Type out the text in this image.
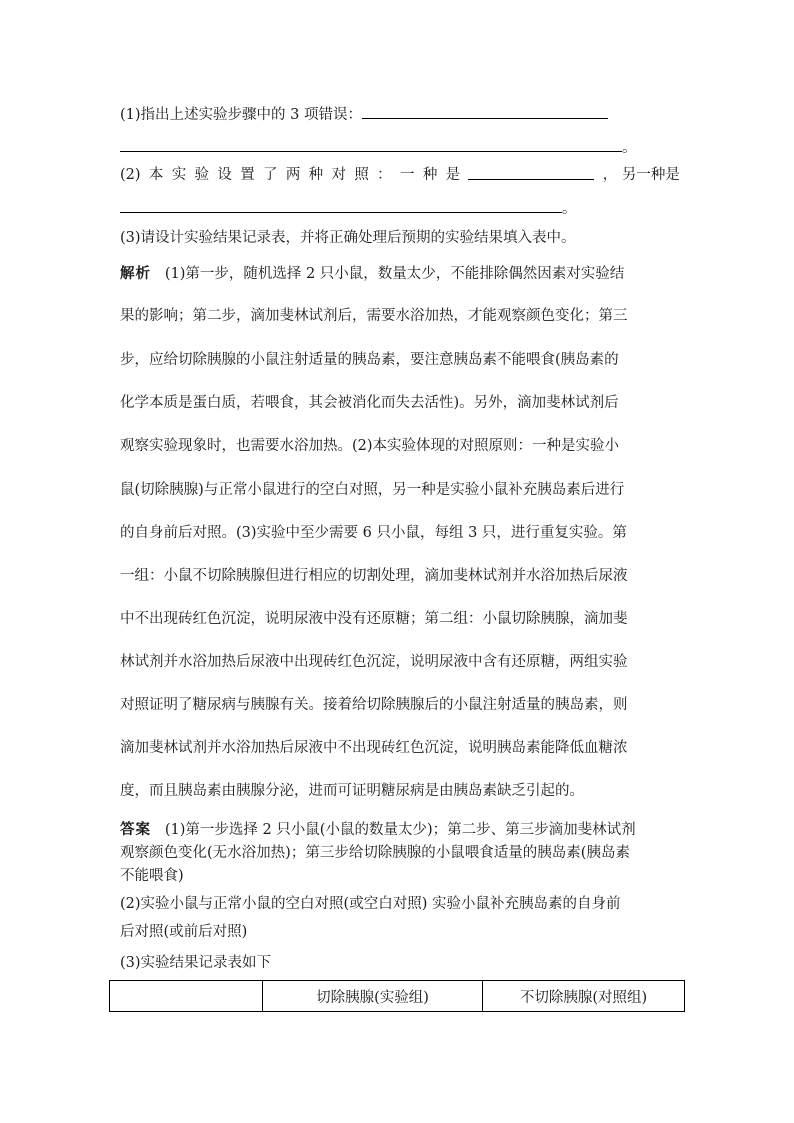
(1)指出上述实验步骤中的 3 项错误：
。
(2) 本 实 验 设 置 了 两 种 对 照 ： 一 种 是	， 另一种是
。
(3)请设计实验结果记录表，并将正确处理后预期的实验结果填入表中。
解析 (1)第一步，随机选择 2 只小鼠，数量太少，不能排除偶然因素对实验结
果的影响；第二步，滴加斐林试剂后，需要水浴加热，才能观察颜色变化；第三
步，应给切除胰腺的小鼠注射适量的胰岛素，要注意胰岛素不能喂食(胰岛素的
化学本质是蛋白质，若喂食，其会被消化而失去活性)。另外，滴加斐林试剂后
观察实验现象时，也需要水浴加热。(2)本实验体现的对照原则：一种是实验小
鼠(切除胰腺)与正常小鼠进行的空白对照，另一种是实验小鼠补充胰岛素后进行
的自身前后对照。(3)实验中至少需要 6 只小鼠，每组 3 只，进行重复实验。第
一组：小鼠不切除胰腺但进行相应的切割处理，滴加斐林试剂并水浴加热后尿液
中不出现砖红色沉淀，说明尿液中没有还原糖；第二组：小鼠切除胰腺，滴加斐
林试剂并水浴加热后尿液中出现砖红色沉淀，说明尿液中含有还原糖，两组实验
对照证明了糖尿病与胰腺有关。接着给切除胰腺后的小鼠注射适量的胰岛素，则
滴加斐林试剂并水浴加热后尿液中不出现砖红色沉淀，说明胰岛素能降低血糖浓
度，而且胰岛素由胰腺分泌，进而可证明糖尿病是由胰岛素缺乏引起的。
答案 (1)第一步选择 2 只小鼠(小鼠的数量太少)；第二步、第三步滴加斐林试剂
观察颜色变化(无水浴加热)；第三步给切除胰腺的小鼠喂食适量的胰岛素(胰岛素
不能喂食)
(2)实验小鼠与正常小鼠的空白对照(或空白对照) 实验小鼠补充胰岛素的自身前
后对照(或前后对照)
(3)实验结果记录表如下
	切除胰腺(实验组)	不切除胰腺(对照组)
